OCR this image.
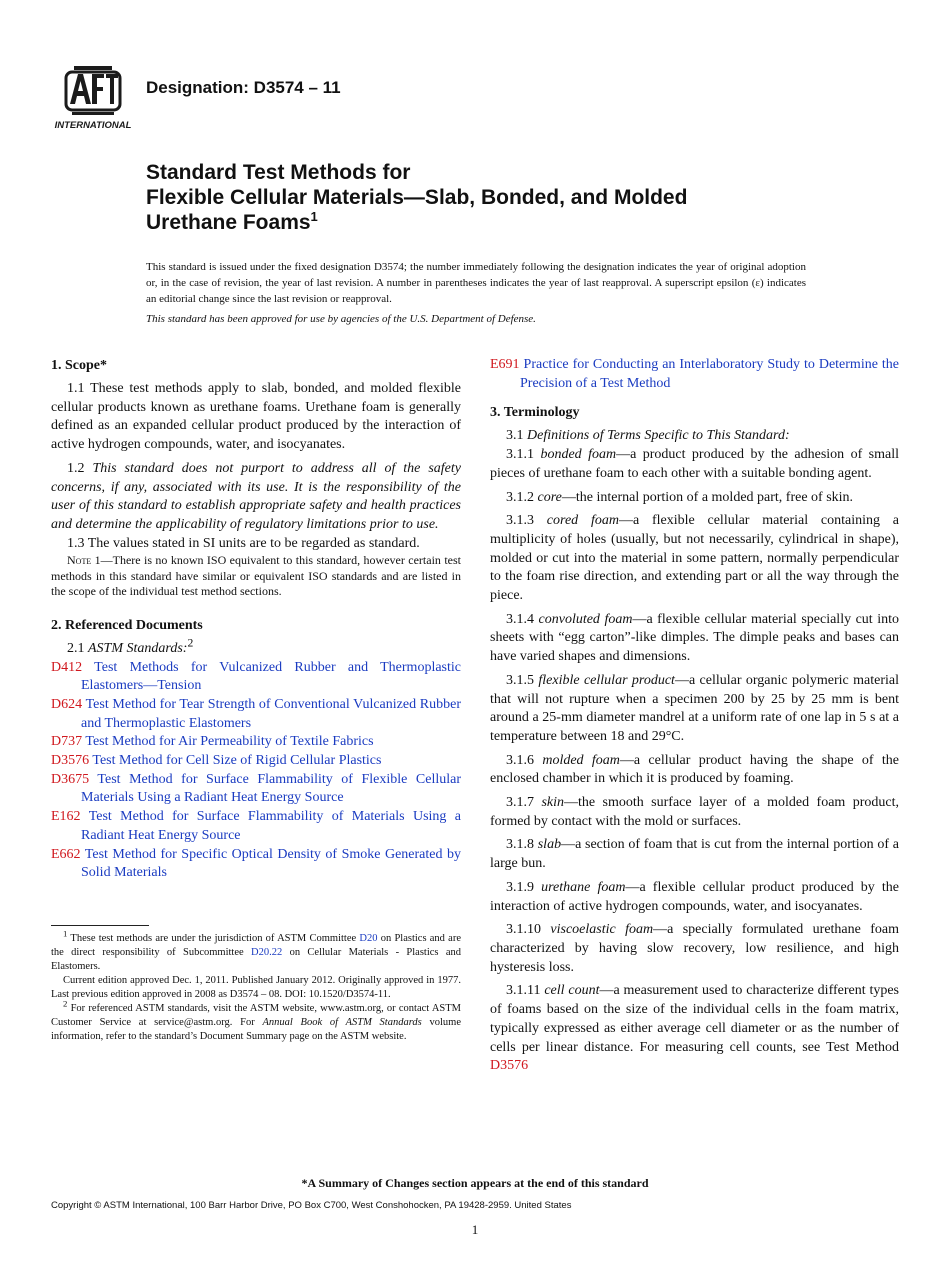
INTERNATIONAL
Designation: D3574 – 11
Standard Test Methods for
Flexible Cellular Materials—Slab, Bonded, and Molded
Urethane Foams$^1$
This standard is issued under the fixed designation D3574; the number immediately following the designation indicates the year of original adoption or, in the case of revision, the year of last revision. A number in parentheses indicates the year of last reapproval. A superscript epsilon (ε) indicates an editorial change since the last revision or reapproval.
This standard has been approved for use by agencies of the U.S. Department of Defense.
1. Scope*

1.1 These test methods apply to slab, bonded, and molded flexible cellular products known as urethane foams. Urethane foam is generally defined as an expanded cellular product produced by the interaction of active hydrogen compounds, water, and isocyanates.

1.2 This standard does not purport to address all of the safety concerns, if any, associated with its use. It is the responsibility of the user of this standard to establish appropriate safety and health practices and determine the applicability of regulatory limitations prior to use.

1.3 The values stated in SI units are to be regarded as standard.

Note 1—There is no known ISO equivalent to this standard, however certain test methods in this standard have similar or equivalent ISO standards and are listed in the scope of the individual test method sections.

2. Referenced Documents

2.1 ASTM Standards:$^2$

D412 Test Methods for Vulcanized Rubber and Thermoplastic Elastomers—Tension

D624 Test Method for Tear Strength of Conventional Vulcanized Rubber and Thermoplastic Elastomers

D737 Test Method for Air Permeability of Textile Fabrics

D3576 Test Method for Cell Size of Rigid Cellular Plastics

D3675 Test Method for Surface Flammability of Flexible Cellular Materials Using a Radiant Heat Energy Source

E162 Test Method for Surface Flammability of Materials Using a Radiant Heat Energy Source

E662 Test Method for Specific Optical Density of Smoke Generated by Solid Materials

$^1$ These test methods are under the jurisdiction of ASTM Committee D20 on Plastics and are the direct responsibility of Subcommittee D20.22 on Cellular Materials - Plastics and Elastomers.

Current edition approved Dec. 1, 2011. Published January 2012. Originally approved in 1977. Last previous edition approved in 2008 as D3574 – 08. DOI: 10.1520/D3574-11.

$^2$ For referenced ASTM standards, visit the ASTM website, www.astm.org, or contact ASTM Customer Service at service@astm.org. For Annual Book of ASTM Standards volume information, refer to the standard’s Document Summary page on the ASTM website.

E691 Practice for Conducting an Interlaboratory Study to Determine the Precision of a Test Method

3. Terminology

3.1 Definitions of Terms Specific to This Standard:

3.1.1 bonded foam—a product produced by the adhesion of small pieces of urethane foam to each other with a suitable bonding agent.

3.1.2 core—the internal portion of a molded part, free of skin.

3.1.3 cored foam—a flexible cellular material containing a multiplicity of holes (usually, but not necessarily, cylindrical in shape), molded or cut into the material in some pattern, normally perpendicular to the foam rise direction, and extending part or all the way through the piece.

3.1.4 convoluted foam—a flexible cellular material specially cut into sheets with “egg carton”-like dimples. The dimple peaks and bases can have varied shapes and dimensions.

3.1.5 flexible cellular product—a cellular organic polymeric material that will not rupture when a specimen 200 by 25 by 25 mm is bent around a 25-mm diameter mandrel at a uniform rate of one lap in 5 s at a temperature between 18 and 29°C.

3.1.6 molded foam—a cellular product having the shape of the enclosed chamber in which it is produced by foaming.

3.1.7 skin—the smooth surface layer of a molded foam product, formed by contact with the mold or surfaces.

3.1.8 slab—a section of foam that is cut from the internal portion of a large bun.

3.1.9 urethane foam—a flexible cellular product produced by the interaction of active hydrogen compounds, water, and isocyanates.

3.1.10 viscoelastic foam—a specially formulated urethane foam characterized by having slow recovery, low resilience, and high hysteresis loss.

3.1.11 cell count—a measurement used to characterize different types of foams based on the size of the individual cells in the foam matrix, typically expressed as either average cell diameter or as the number of cells per linear distance. For measuring cell counts, see Test Method D3576

*A Summary of Changes section appears at the end of this standard
Copyright © ASTM International, 100 Barr Harbor Drive, PO Box C700, West Conshohocken, PA 19428-2959. United States
1
